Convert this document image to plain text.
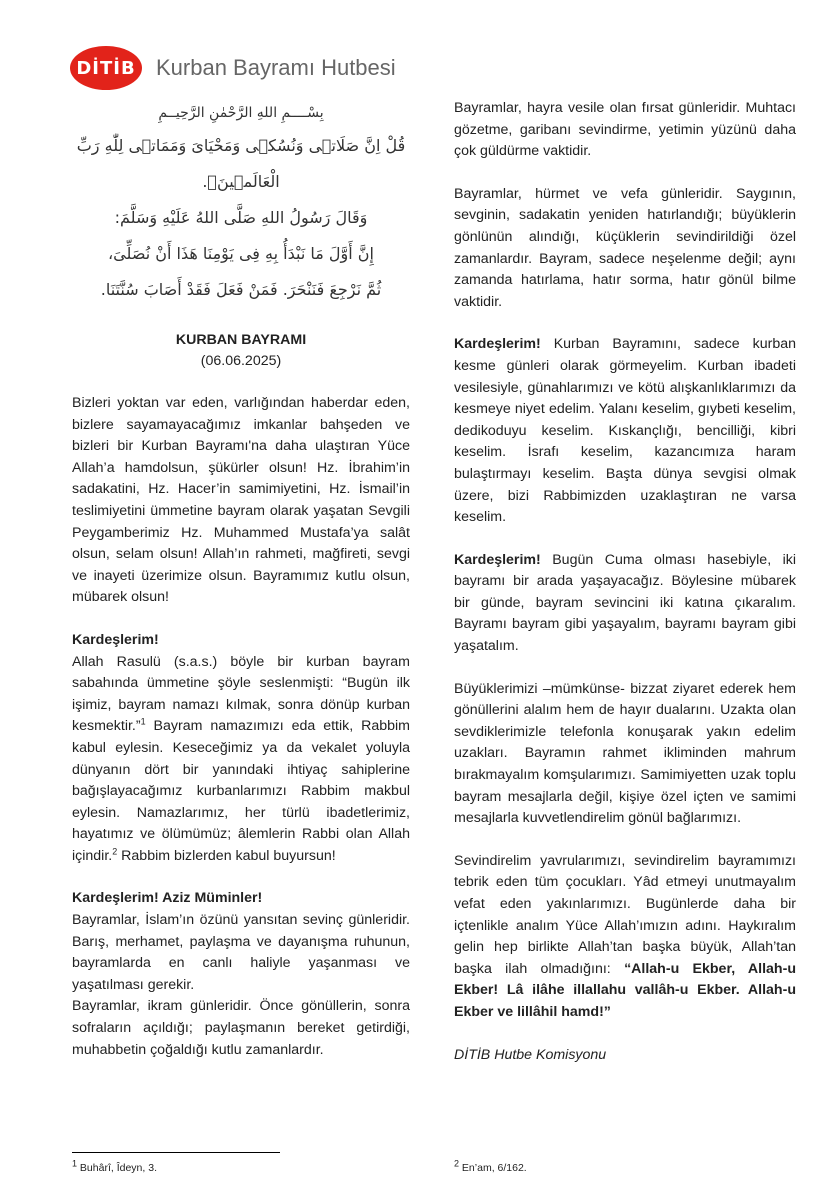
DİTİB Kurban Bayramı Hutbesi

بِسْــــمِ اللهِ الرَّحْمٰنِ الرَّحِيــمِ

قُلْ اِنَّ صَلَاتٖى وَنُسُكٖى وَمَحْيَاىَ وَمَمَاتٖى لِلّٰهِ رَبِّ الْعَالَمٖينَۙ.

وَقَالَ رَسُولُ اللهِ صَلَّى اللهُ عَلَيْهِ وَسَلَّمَ:

إِنَّ أَوَّلَ مَا نَبْدَأُ بِهِ فِى يَوْمِنَا هَذَا أَنْ نُصَلِّىَ،

ثُمَّ نَرْجِعَ فَنَنْحَرَ. فَمَنْ فَعَلَ فَقَدْ أَصَابَ سُنَّتَنَا.

KURBAN BAYRAMI
(06.06.2025)

Bizleri yoktan var eden, varlığından haberdar eden, bizlere sayamayacağımız imkanlar bahşeden ve bizleri bir Kurban Bayramı'na daha ulaştıran Yüce Allah’a hamdolsun, şükürler olsun! Hz. İbrahim’in sadakatini, Hz. Hacer’in samimiyetini, Hz. İsmail’in teslimiyetini ümmetine bayram olarak yaşatan Sevgili Peygamberimiz Hz. Muhammed Mustafa’ya salât olsun, selam olsun! Allah’ın rahmeti, mağfireti, sevgi ve inayeti üzerimize olsun. Bayramımız kutlu olsun, mübarek olsun!

Kardeşlerim!

Allah Rasulü (s.a.s.) böyle bir kurban bayram sabahında ümmetine şöyle seslenmişti: “Bugün ilk işimiz, bayram namazı kılmak, sonra dönüp kurban kesmektir.”$^1$ Bayram namazımızı eda ettik, Rabbim kabul eylesin. Kesecеğimiz ya da vekalet yoluyla dünyanın dört bir yanındaki ihtiyaç sahiplerine bağışlayacağımız kurbanlarımızı Rabbim makbul eylesin. Namazlarımız, her türlü ibadetlerimiz, hayatımız ve ölümümüz; âlemlerin Rabbi olan Allah içindir.$^2$ Rabbim bizlerden kabul buyursun!

Kardeşlerim! Aziz Müminler!

Bayramlar, İslam’ın özünü yansıtan sevinç günleridir. Barış, merhamet, paylaşma ve dayanışma ruhunun, bayramlarda en canlı haliyle yaşanması ve yaşatılması gerekir.

Bayramlar, ikram günleridir. Önce gönüllerin, sonra sofraların açıldığı; paylaşmanın bereket getirdiği, muhabbetin çoğaldığı kutlu zamanlardır.

Bayramlar, hayra vesile olan fırsat günleridir. Muhtacı gözetme, garibanı sevindirme, yetimin yüzünü daha çok güldürme vaktidir.

Bayramlar, hürmet ve vefa günleridir. Saygının, sevginin, sadakatin yeniden hatırlandığı; büyüklerin gönlünün alındığı, küçüklerin sevindirildiği özel zamanlardır. Bayram, sadece neşelenme değil; aynı zamanda hatırlama, hatır sorma, hatır gönül bilme vaktidir.

Kardeşlerim! Kurban Bayramını, sadece kurban kesme günleri olarak görmeyelim. Kurban ibadeti vesilesiyle, günahlarımızı ve kötü alışkanlıklarımızı da kesmeye niyet edelim. Yalanı keselim, gıybeti keselim, dedikoduyu keselim. Kıskançlığı, bencilliği, kibri keselim. İsrafı keselim, kazancımıza haram bulaştırmayı keselim. Başta dünya sevgisi olmak üzere, bizi Rabbimizden uzaklaştıran ne varsa keselim.

Kardeşlerim! Bugün Cuma olması hasebiyle, iki bayramı bir arada yaşayacağız. Böylesine mübarek bir günde, bayram sevincini iki katına çıkaralım. Bayramı bayram gibi yaşayalım, bayramı bayram gibi yaşatalım.

Büyüklerimizi –mümkünse- bizzat ziyaret ederek hem gönüllerini alalım hem de hayır dualarını. Uzakta olan sevdiklerimizle telefonla konuşarak yakın edelim uzakları. Bayramın rahmet ikliminden mahrum bırakmayalım komşularımızı. Samimiyetten uzak toplu bayram mesajlarla değil, kişiye özel içten ve samimi mesajlarla kuvvetlendirelim gönül bağlarımızı.

Sevindirelim yavrularımızı, sevindirelim bayramımızı tebrik eden tüm çocukları. Yâd etmeyi unutmayalım vefat eden yakınlarımızı. Bugünlerde daha bir içtenlikle analım Yüce Allah’ımızın adını. Haykıralım gelin hep birlikte Allah’tan başka büyük, Allah’tan başka ilah olmadığını: “Allah-u Ekber, Allah-u Ekber! Lâ ilâhe illallahu vallâh-u Ekber. Allah-u Ekber ve lillâhil hamd!”

DİTİB Hutbe Komisyonu

$^1$ Buhârî, Îdeyn, 3.	$^2$ En’am, 6/162.
